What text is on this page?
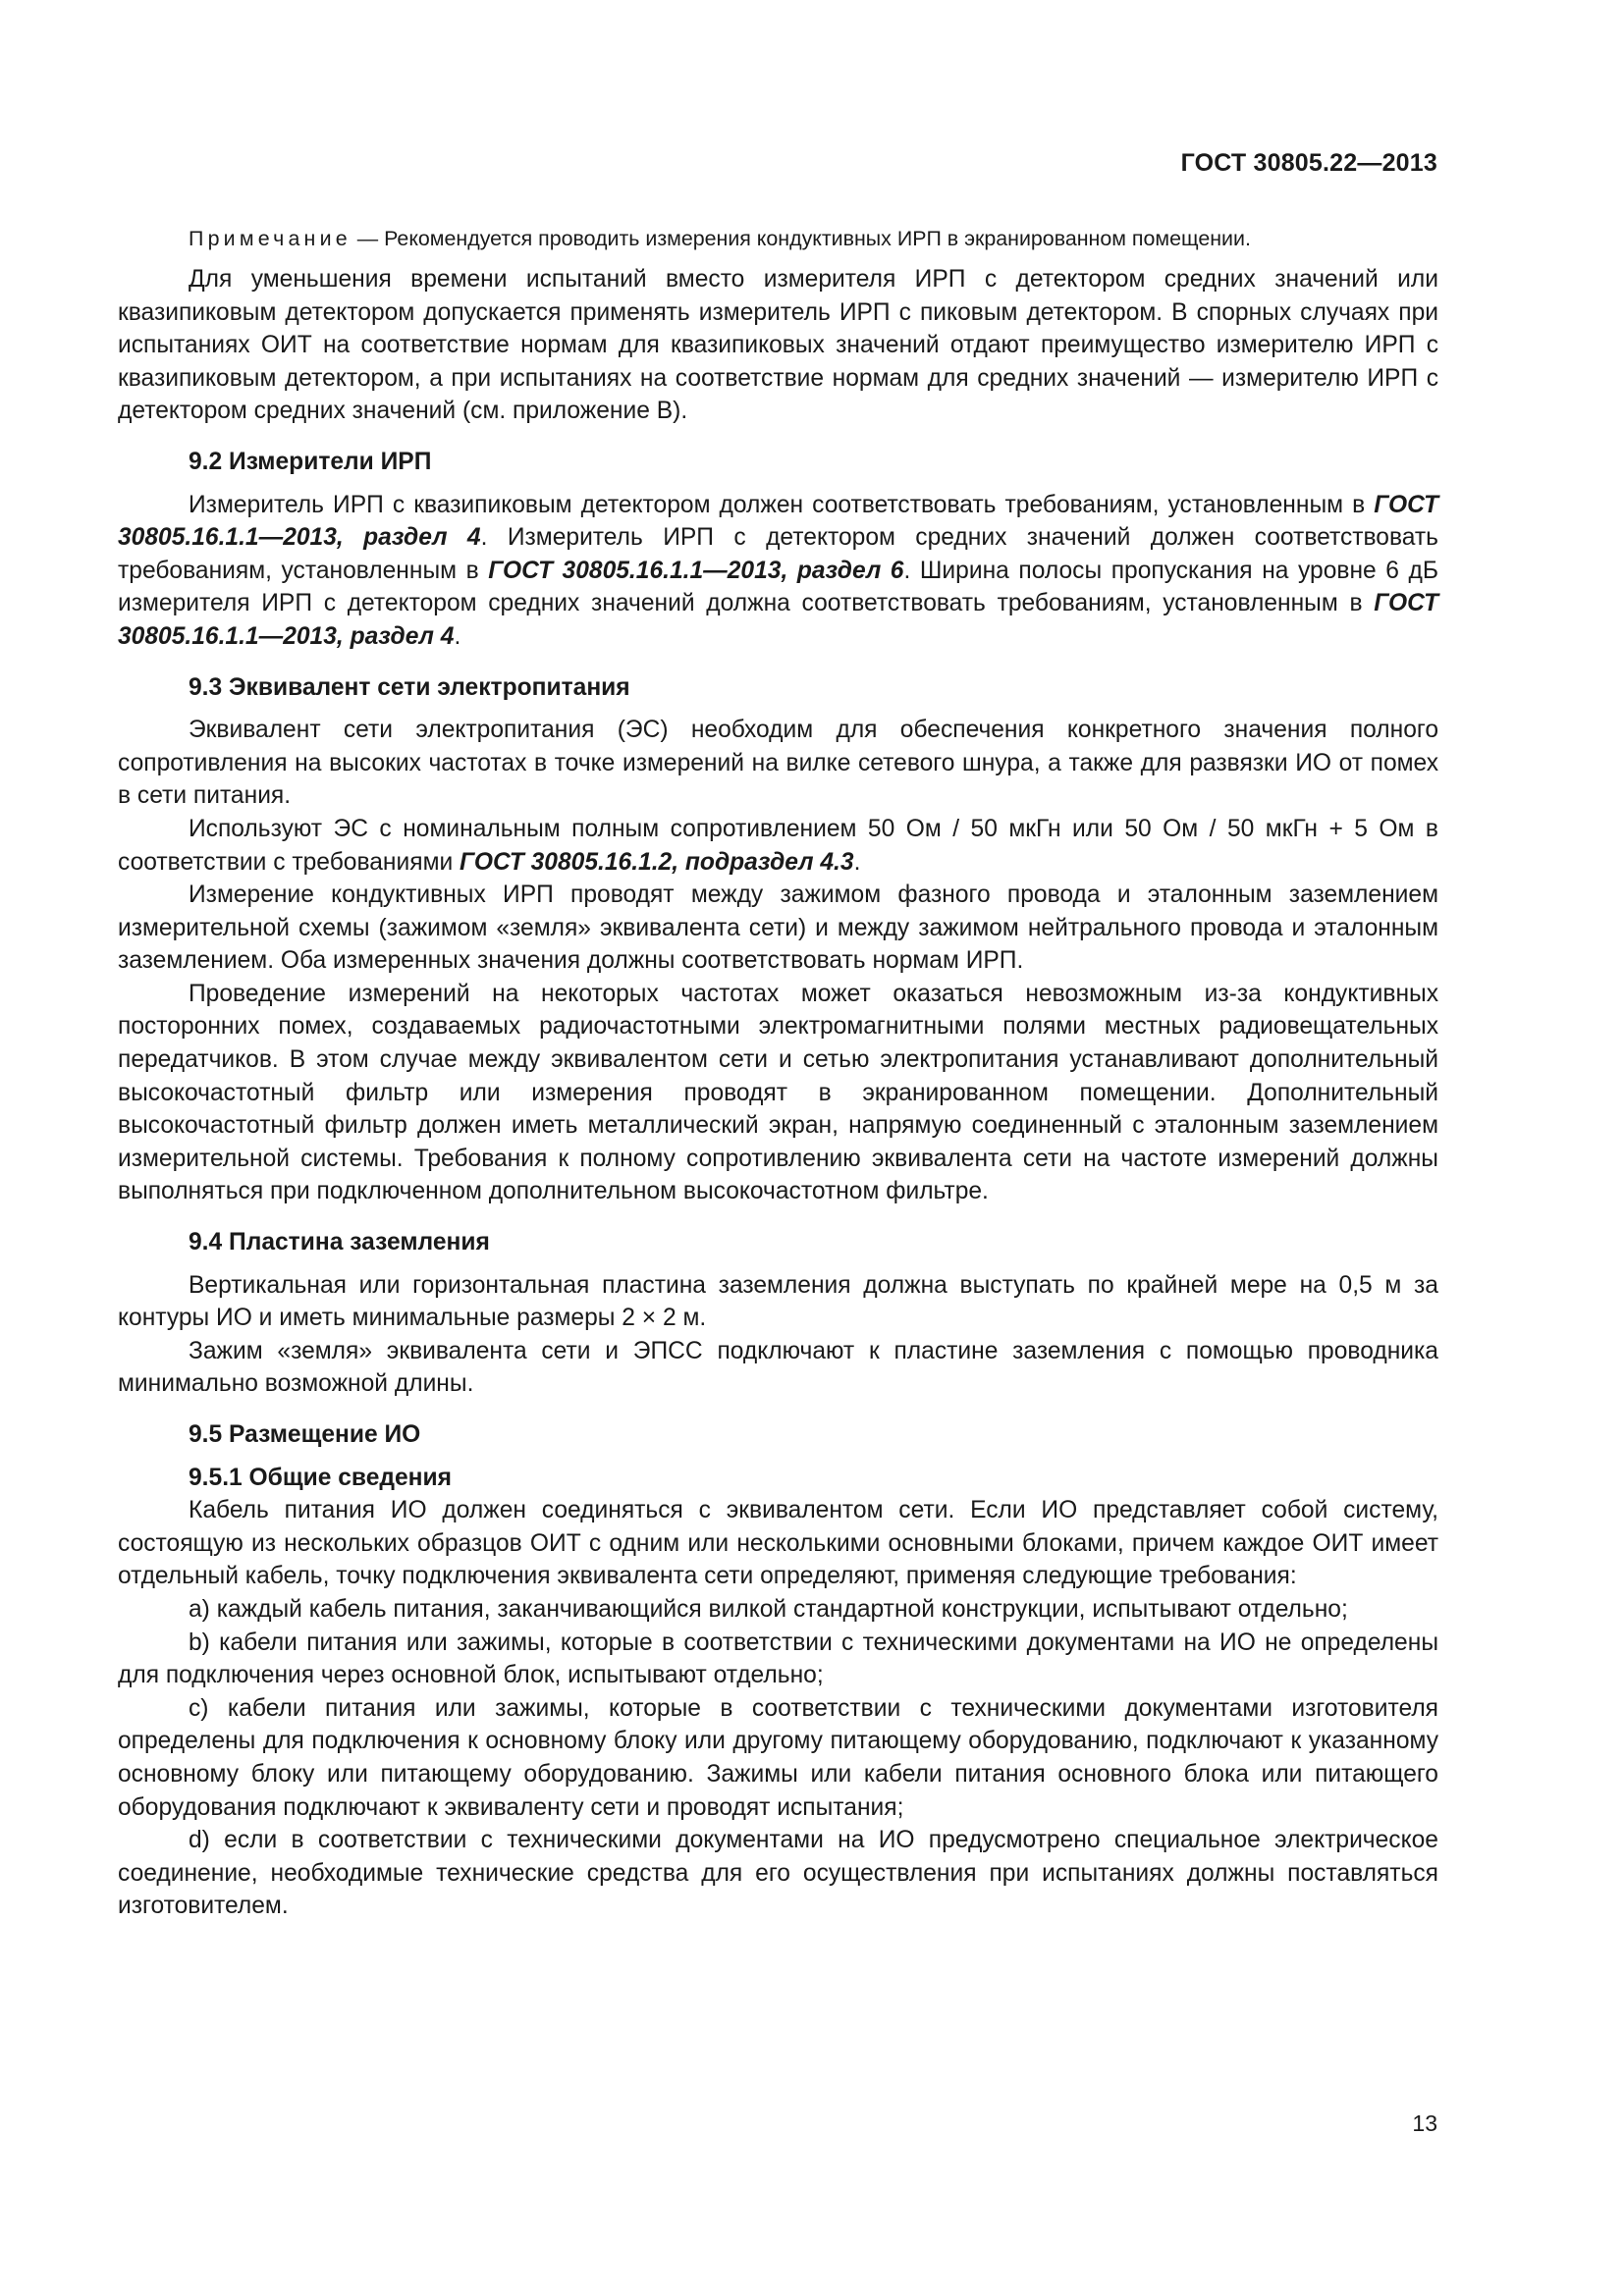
ГОСТ 30805.22—2013

Примечание — Рекомендуется проводить измерения кондуктивных ИРП в экранированном помещении.

Для уменьшения времени испытаний вместо измерителя ИРП с детектором средних значений или квазипиковым детектором допускается применять измеритель ИРП с пиковым детектором. В спорных случаях при испытаниях ОИТ на соответствие нормам для квазипиковых значений отдают преимущество измерителю ИРП с квазипиковым детектором, а при испытаниях на соответствие нормам для средних значений — измерителю ИРП с детектором средних значений (см. приложение В).

9.2 Измерители ИРП

Измеритель ИРП с квазипиковым детектором должен соответствовать требованиям, установленным в ГОСТ 30805.16.1.1—2013, раздел 4. Измеритель ИРП с детектором средних значений должен соответствовать требованиям, установленным в ГОСТ 30805.16.1.1—2013, раздел 6. Ширина полосы пропускания на уровне 6 дБ измерителя ИРП с детектором средних значений должна соответствовать требованиям, установленным в ГОСТ 30805.16.1.1—2013, раздел 4.

9.3 Эквивалент сети электропитания

Эквивалент сети электропитания (ЭС) необходим для обеспечения конкретного значения полного сопротивления на высоких частотах в точке измерений на вилке сетевого шнура, а также для развязки ИО от помех в сети питания.

Используют ЭС с номинальным полным сопротивлением 50 Ом / 50 мкГн или 50 Ом / 50 мкГн + 5 Ом в соответствии с требованиями ГОСТ 30805.16.1.2, подраздел 4.3.

Измерение кондуктивных ИРП проводят между зажимом фазного провода и эталонным заземлением измерительной схемы (зажимом «земля» эквивалента сети) и между зажимом нейтрального провода и эталонным заземлением. Оба измеренных значения должны соответствовать нормам ИРП.

Проведение измерений на некоторых частотах может оказаться невозможным из-за кондуктивных посторонних помех, создаваемых радиочастотными электромагнитными полями местных радиовещательных передатчиков. В этом случае между эквивалентом сети и сетью электропитания устанавливают дополнительный высокочастотный фильтр или измерения проводят в экранированном помещении. Дополнительный высокочастотный фильтр должен иметь металлический экран, напрямую соединенный с эталонным заземлением измерительной системы. Требования к полному сопротивлению эквивалента сети на частоте измерений должны выполняться при подключенном дополнительном высокочастотном фильтре.

9.4 Пластина заземления

Вертикальная или горизонтальная пластина заземления должна выступать по крайней мере на 0,5 м за контуры ИО и иметь минимальные размеры 2 × 2 м.

Зажим «земля» эквивалента сети и ЭПСС подключают к пластине заземления с помощью проводника минимально возможной длины.

9.5 Размещение ИО
9.5.1 Общие сведения

Кабель питания ИО должен соединяться с эквивалентом сети. Если ИО представляет собой систему, состоящую из нескольких образцов ОИТ с одним или несколькими основными блоками, причем каждое ОИТ имеет отдельный кабель, точку подключения эквивалента сети определяют, применяя следующие требования:

a) каждый кабель питания, заканчивающийся вилкой стандартной конструкции, испытывают отдельно;

b) кабели питания или зажимы, которые в соответствии с техническими документами на ИО не определены для подключения через основной блок, испытывают отдельно;

c) кабели питания или зажимы, которые в соответствии с техническими документами изготовителя определены для подключения к основному блоку или другому питающему оборудованию, подключают к указанному основному блоку или питающему оборудованию. Зажимы или кабели питания основного блока или питающего оборудования подключают к эквиваленту сети и проводят испытания;

d) если в соответствии с техническими документами на ИО предусмотрено специальное электрическое соединение, необходимые технические средства для его осуществления при испытаниях должны поставляться изготовителем.

13
